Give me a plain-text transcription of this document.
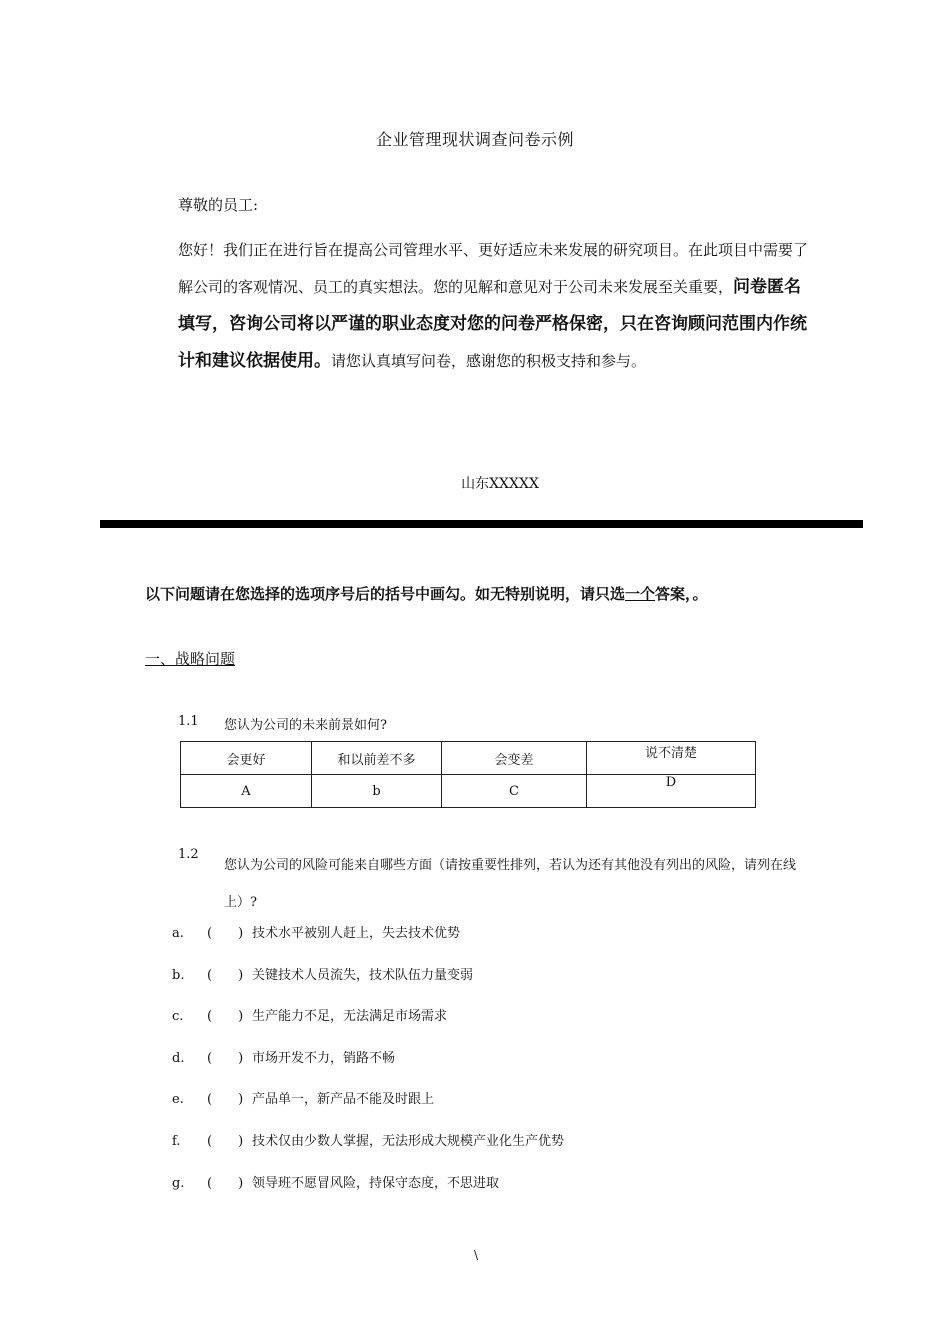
企业管理现状调查问卷示例
尊敬的员工:

您好！我们正在进行旨在提高公司管理水平、更好适应未来发展的研究项目。在此项目中需要了解公司的客观情况、员工的真实想法。您的见解和意见对于公司未来发展至关重要，问卷匿名填写，咨询公司将以严谨的职业态度对您的问卷严格保密，只在咨询顾问范围内作统计和建议依据使用。请您认真填写问卷，感谢您的积极支持和参与。

山东XXXXX
以下问题请在您选择的选项序号后的括号中画勾。如无特别说明，请只选一个答案，。
一、战略问题
1.1 您认为公司的未来前景如何?
会更好	和以前差不多	会变差	说不清楚
A	b	C	D
1.2
您认为公司的风险可能来自哪些方面（请按重要性排列，若认为还有其他没有列出的风险，请列在线上）?
a.	(　　) 技术水平被别人赶上，失去技术优势
b.	(　　) 关键技术人员流失，技术队伍力量变弱
c.	(　　) 生产能力不足，无法满足市场需求
d.	(　　) 市场开发不力，销路不畅
e.	(　　) 产品单一，新产品不能及时跟上
f.	(　　) 技术仅由少数人掌握，无法形成大规模产业化生产优势
g.	(　　) 领导班不愿冒风险，持保守态度，不思进取
\
